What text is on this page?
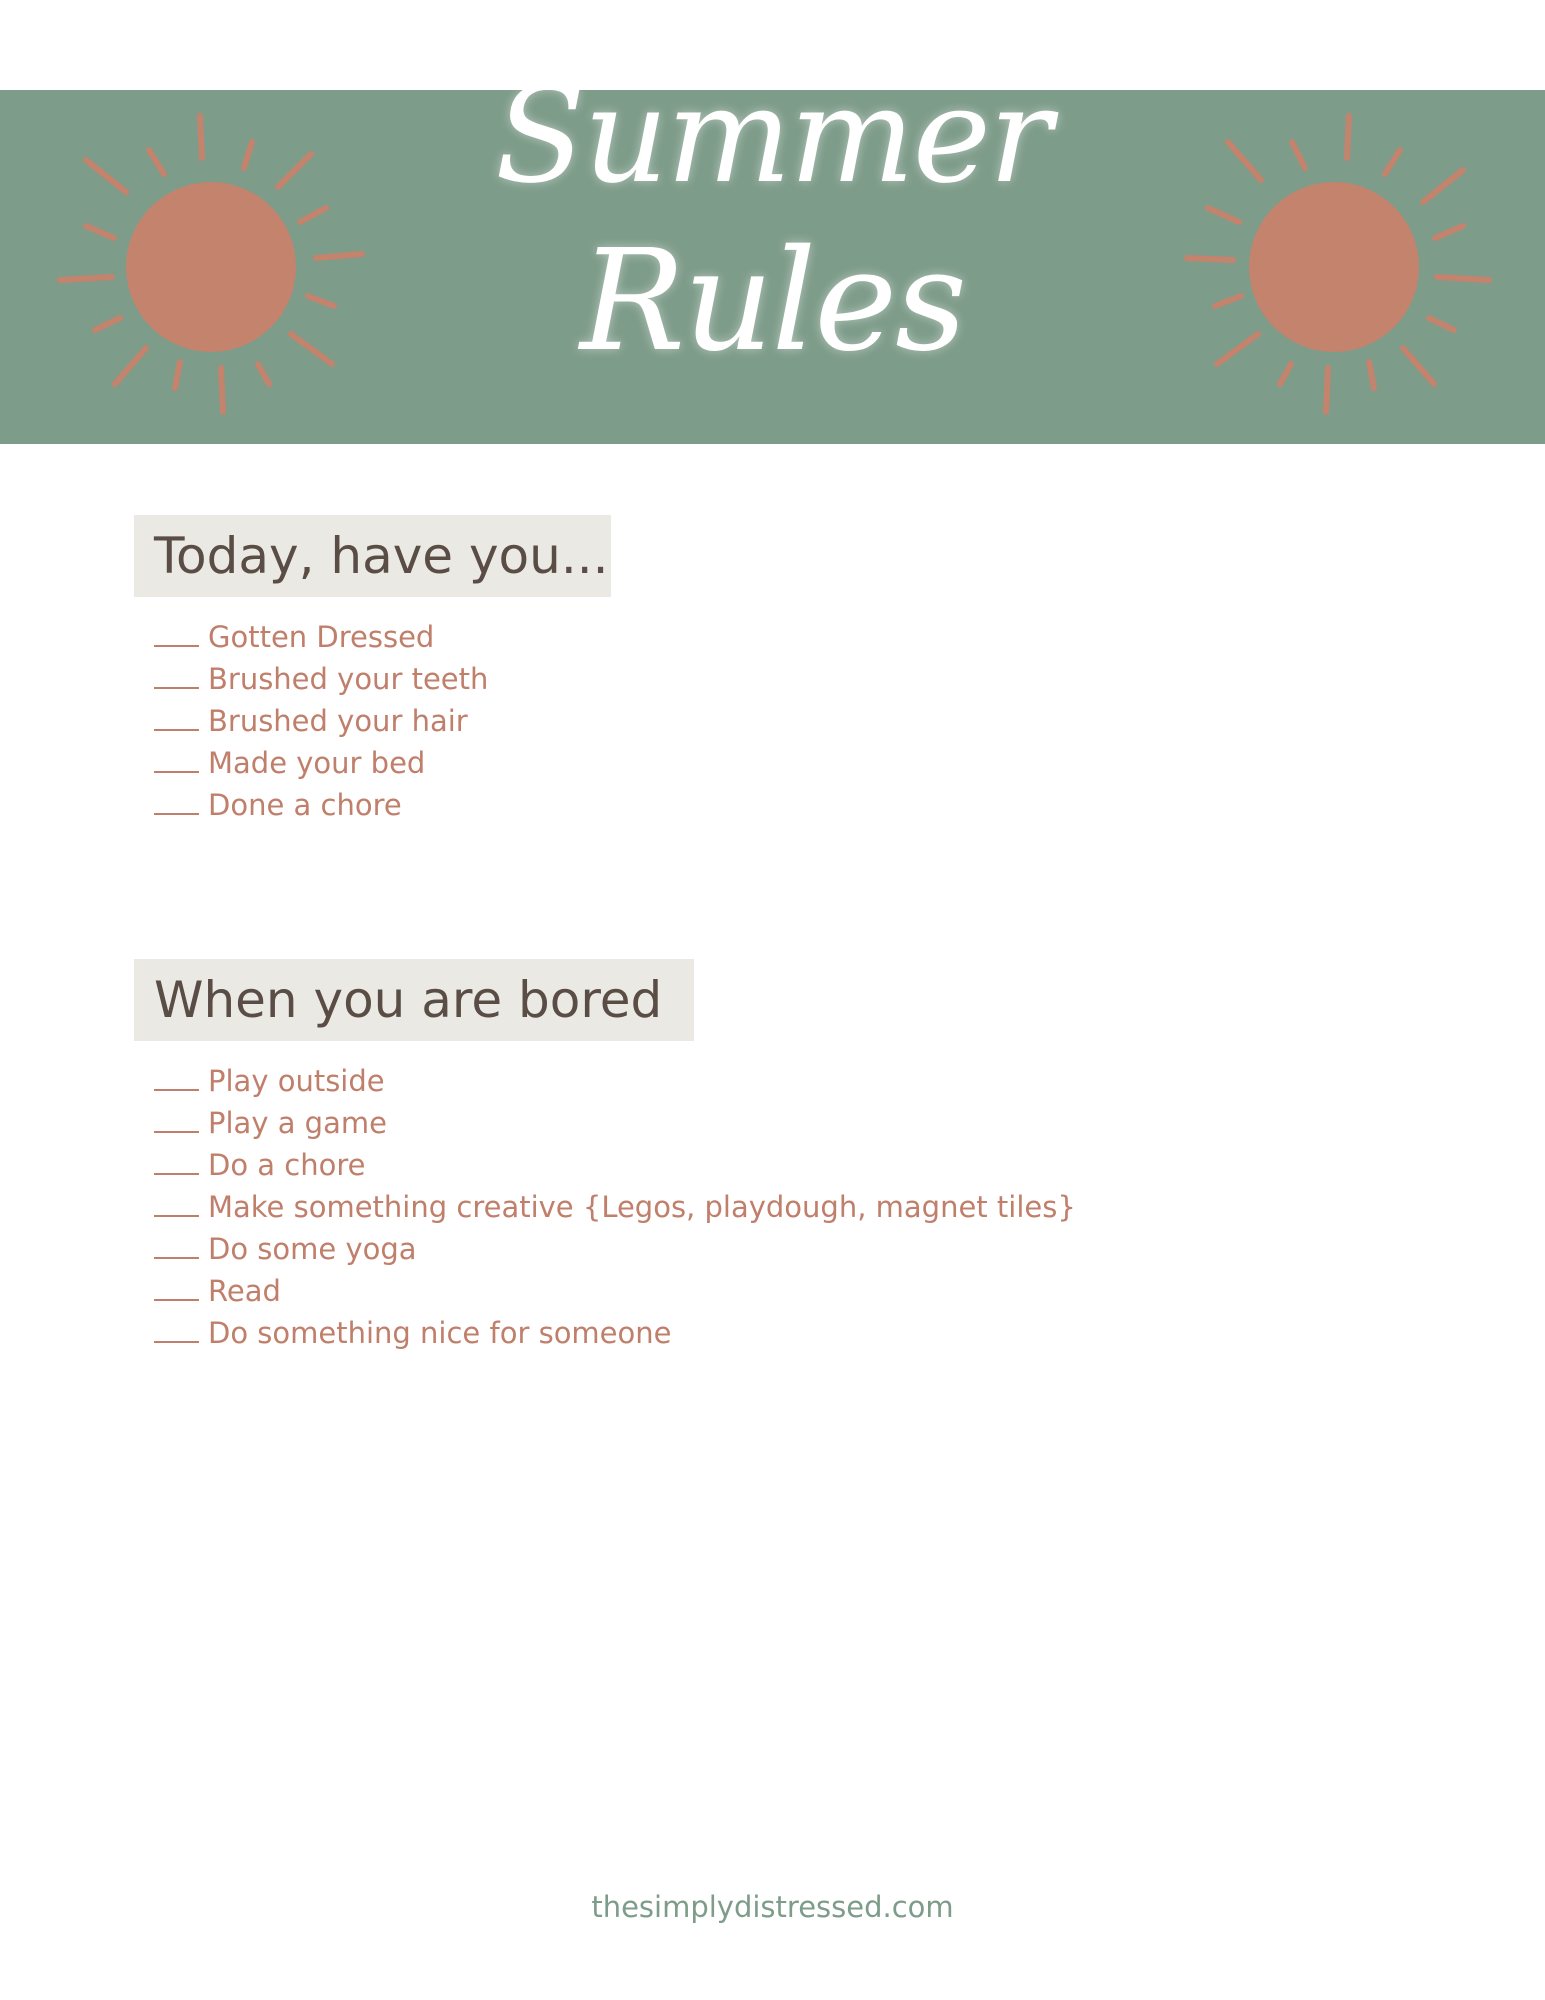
Summer
Rules
Today, have you...
Gotten Dressed
Brushed your teeth
Brushed your hair
Made your bed
Done a chore
When you are bored
Play outside
Play a game
Do a chore
Make something creative {Legos, playdough, magnet tiles}
Do some yoga
Read
Do something nice for someone
thesimplydistressed.com
